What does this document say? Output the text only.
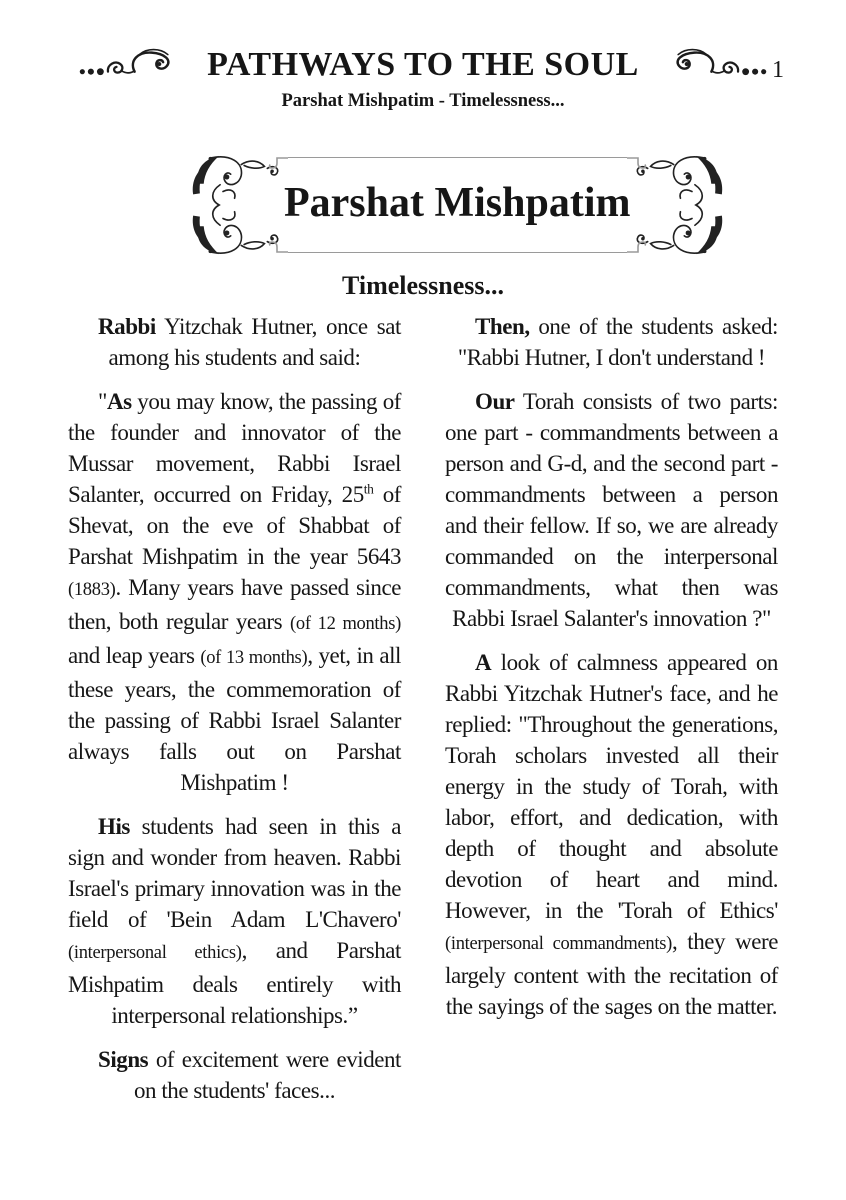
1
PATHWAYS TO THE SOUL
Parshat Mishpatim - Timelessness...
Parshat Mishpatim
Timelessness...

Rabbi Yitzchak Hutner, once sat among his students and said:

"As you may know, the passing of the founder and innovator of the Mussar movement, Rabbi Israel Salanter, occurred on Friday, 25th of Shevat, on the eve of Shabbat of Parshat Mishpatim in the year 5643 (1883). Many years have passed since then, both regular years (of 12 months) and leap years (of 13 months), yet, in all these years, the commemoration of the passing of Rabbi Israel Salanter always falls out on Parshat Mishpatim !

His students had seen in this a sign and wonder from heaven. Rabbi Israel's primary innovation was in the field of 'Bein Adam L'Chavero' (interpersonal ethics), and Parshat Mishpatim deals entirely with interpersonal relationships.”

Signs of excitement were evident on the students' faces...

Then, one of the students asked: "Rabbi Hutner, I don't understand !

Our Torah consists of two parts: one part - commandments between a person and G-d, and the second part - commandments between a person and their fellow. If so, we are already commanded on the interpersonal commandments, what then was Rabbi Israel Salanter's innovation ?"

A look of calmness appeared on Rabbi Yitzchak Hutner's face, and he replied: "Throughout the generations, Torah scholars invested all their energy in the study of Torah, with labor, effort, and dedication, with depth of thought and absolute devotion of heart and mind. However, in the 'Torah of Ethics' (interpersonal commandments), they were largely content with the recitation of the sayings of the sages on the matter.
